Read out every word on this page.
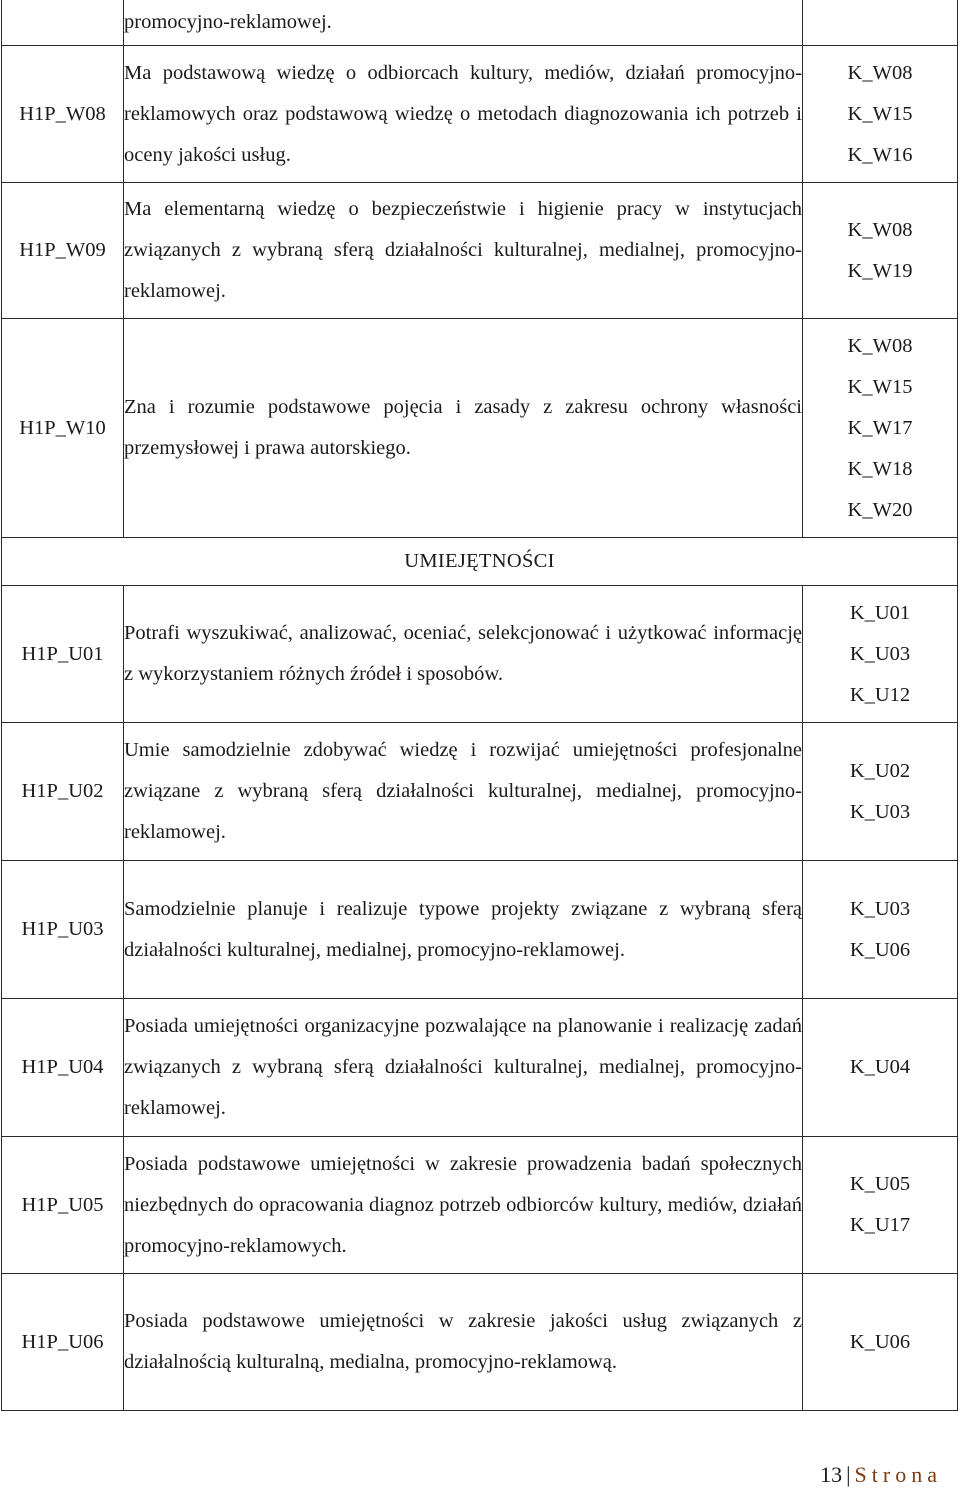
	promocyjno-reklamowej.	
H1P_W08	Ma podstawową wiedzę o odbiorcach kultury, mediów, działań promocyjno-reklamowych oraz podstawową wiedzę o metodach diagnozowania ich potrzeb i oceny jakości usług.	K_W08
K_W15
K_W16

H1P_W09	Ma elementarną wiedzę o bezpieczeństwie i higienie pracy w instytucjach związanych z wybraną sferą działalności kulturalnej, medialnej, promocyjno-reklamowej.	K_W08
K_W19

H1P_W10	Zna i rozumie podstawowe pojęcia i zasady z zakresu ochrony własności przemysłowej i prawa autorskiego.	K_W08
K_W15
K_W17
K_W18
K_W20

UMIEJĘTNOŚCI		
H1P_U01	Potrafi wyszukiwać, analizować, oceniać, selekcjonować i użytkować informację z wykorzystaniem różnych źródeł i sposobów.	K_U01
K_U03
K_U12

H1P_U02	Umie samodzielnie zdobywać wiedzę i rozwijać umiejętności profesjonalne związane z wybraną sferą działalności kulturalnej, medialnej, promocyjno-reklamowej.	K_U02
K_U03

H1P_U03	Samodzielnie planuje i realizuje typowe projekty związane z wybraną sferą działalności kulturalnej, medialnej, promocyjno-reklamowej.	K_U03
K_U06

H1P_U04	Posiada umiejętności organizacyjne pozwalające na planowanie i realizację zadań związanych z wybraną sferą działalności kulturalnej, medialnej, promocyjno-reklamowej.	K_U04

H1P_U05	Posiada podstawowe umiejętności w zakresie prowadzenia badań społecznych niezbędnych do opracowania diagnoz potrzeb odbiorców kultury, mediów, działań promocyjno-reklamowych.	K_U05
K_U17

H1P_U06	Posiada podstawowe umiejętności w zakresie jakości usług związanych z działalnością kulturalną, medialna, promocyjno-reklamową.	K_U06
13 | Strona
